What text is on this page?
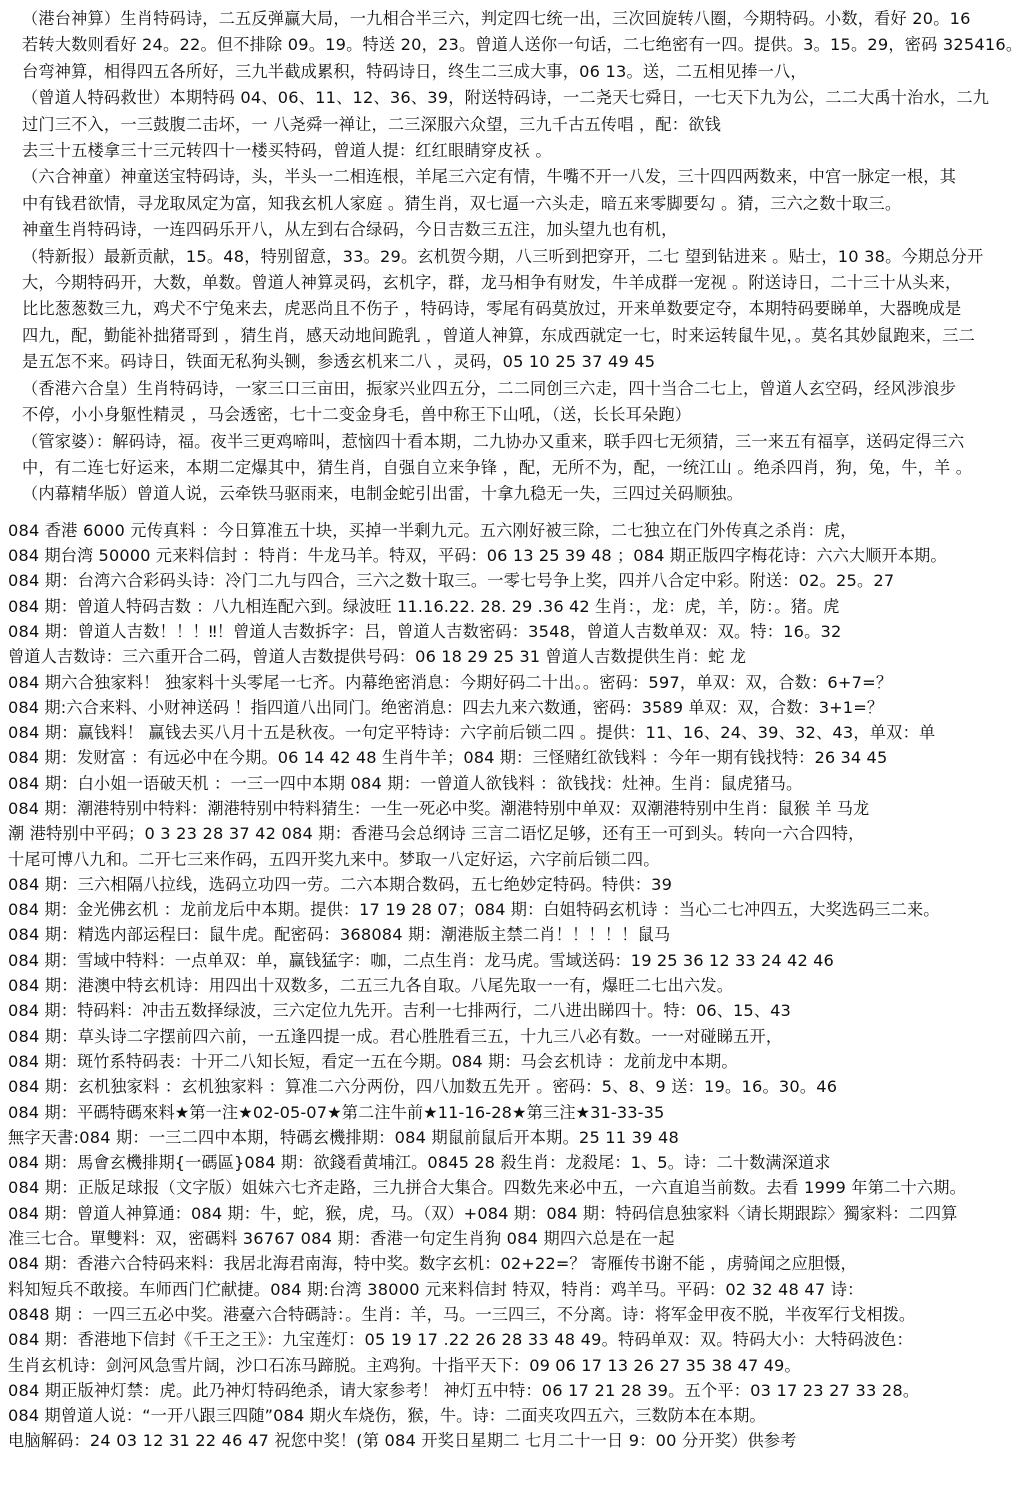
（港台神算）生肖特码诗，二五反弹赢大局，一九相合半三六，判定四七统一出，三次回旋转八圈，今期特码。小数，看好 20。16
若转大数则看好 24。22。但不排除 09。19。特送 20，23。曾道人送你一句话，二七绝密有一四。提供。3。15。29，密码 325416。
台弯神算，相得四五各所好，三九半截成累积，特码诗日，终生二三成大事，06 13。送，二五相见捧一八，
（曾道人特码救世）本期特码 04、06、11、12、36、39，附送特码诗，一二尧天七舜日，一七天下九为公，二二大禹十治水，二九
过门三不入，一三鼓腹二击坏，一 八尧舜一禅让，二三深服六众望，三九千古五传唱 ，配：欲钱
去三十五楼拿三十三元转四十一楼买特码，曾道人提：红红眼睛穿皮袄 。
（六合神童）神童送宝特码诗，头，半头一二相连根，羊尾三六定有情，牛嘴不开一八发，三十四四两数来，中宫一脉定一根，其
中有钱君欲情，寻龙取凤定为富，知我玄机人家庭 。猜生肖，双七逼一六头走，暗五来零脚要勾 。猜，三六之数十取三。
神童生肖特码诗，一连四码乐开八，从左到右合绿码，今日吉数三五注，加头望九也有机，
（特新报）最新贡献，15。48，特别留意，33。29。玄机贺今期，八三听到把穿开，二七 望到钻进来 。贴士，10 38。今期总分开
大，今期特码开，大数，单数。曾道人神算灵码，玄机字，群，龙马相争有财发，牛羊成群一宠视 。附送诗日，二十三十从头来，
比比葱葱数三九，鸡犬不宁兔来去，虎恶尚且不伤子 ，特码诗，零尾有码莫放过，开来单数要定夺，本期特码要睇单，大器晚成是
四九，配，勤能补拙猪哥到 ，猜生肖，感天动地间跪乳 ，曾道人神算，东成西就定一七，时来运转鼠牛见，。莫名其妙鼠跑来，三二
是五怎不来。码诗日，铁面无私狗头铡，参透玄机来二八 ，灵码，05 10 25 37 49 45
（香港六合皇）生肖特码诗，一家三口三亩田，振家兴业四五分，二二同创三六走，四十当合二七上，曾道人玄空码，经风涉浪步
不停，小小身躯性精灵 ，马会透密，七十二变金身毛，兽中称王下山吼，（送，长长耳朵跑）
（管家婆）：解码诗，福。夜半三更鸡啼叫，惹恼四十看本期，二九协办又重来，联手四七无须猜，三一来五有福享，送码定得三六
中，有二连七好运来，本期二定爆其中，猜生肖，自强自立来争锋 ，配，无所不为，配，一统江山 。绝杀四肖，狗，兔，牛，羊 。
（内幕精华版）曾道人说，云牵铁马驱雨来，电制金蛇引出雷，十拿九稳无一失，三四过关码顺独。
084 香港 6000 元传真料 ：今日算准五十块，买掉一半剩九元。五六刚好被三除，二七独立在门外传真之杀肖：虎，
084 期台湾 50000 元来料信封 ：特肖：牛龙马羊。特双，平码：06 13 25 39 48 ；084 期正版四字梅花诗：六六大顺开本期。
084 期：台湾六合彩码头诗：冷门二九与四合，三六之数十取三。一零七号争上奖，四并八合定中彩。附送：02。25。27
084 期：曾道人特码吉数 ：八九相连配六到。绿波旺 11.16.22. 28. 29 .36 42 生肖：，龙：虎，羊，防：。猪。虎
084 期：曾道人吉数！！！‼！曾道人吉数拆字：吕，曾道人吉数密码：3548，曾道人吉数单双：双。特：16。32
曾道人吉数诗：三六重开合二码，曾道人吉数提供号码：06 18 29 25 31 曾道人吉数提供生肖：蛇 龙
084 期六合独家料！ 独家料十头零尾一七齐。内幕绝密消息：今期好码二十出。。密码：597，单双：双，合数：6+7=？
084 期:六合来料、小财神送码 ！指四道八出同门。绝密消息：四去九来六数通，密码：3589 单双：双，合数：3+1=？
084 期：赢钱料！ 赢钱去买八月十五是秋夜。一句定平特诗：六字前后锁二四 。提供：11、16、24、39、32、43，单双：单
084 期：发财富 ：有远必中在今期。06 14 42 48 生肖牛羊；084 期：三怪赌红欲钱料 ：今年一期有钱找特：26 34 45
084 期：白小姐一语破天机 ：一三一四中本期 084 期：一曾道人欲钱料 ：欲钱找：灶神。生肖：鼠虎猪马。
084 期：潮港特别中特料：潮港特别中特料猜生：一生一死必中奖。潮港特别中单双：双潮港特别中生肖：鼠猴 羊 马龙
潮 港特别中平码；0 3 23 28 37 42 084 期：香港马会总纲诗 三言二语忆足够，还有王一可到头。转向一六合四特，
十尾可博八九和。二开七三来作码，五四开奖九来中。梦取一八定好运，六字前后锁二四。
084 期：三六相隔八拉线，选码立功四一劳。二六本期合数码，五七绝妙定特码。特供：39
084 期：金光佛玄机 ：龙前龙后中本期。提供：17 19 28 07；084 期：白姐特码玄机诗 ：当心二七冲四五，大奖选码三二来。
084 期：精选内部运程曰：鼠牛虎。配密码：368084 期：潮港版主禁二肖！！！！！鼠马
084 期：雪域中特料：一点单双：单，赢钱猛字：咖，二点生肖：龙马虎。雪域送码：19 25 36 12 33 24 42 46
084 期：港澳中特玄机诗：用四出十双数多，二五三九各自取。八尾先取一一有，爆旺二七出六发。
084 期：特码料：冲击五数择绿波，三六定位九先开。吉利一七排两行，二八进出睇四十。特：06、15、43
084 期：草头诗二字摆前四六前，一五逢四提一成。君心胜胜看三五，十九三八必有数。一一对碰睇五开，
084 期：斑竹系特码表：十开二八知长短，看定一五在今期。084 期：马会玄机诗 ：龙前龙中本期。
084 期：玄机独家料 ：玄机独家料 ：算准二六分两份，四八加数五先开 。密码：5、8、9 送：19。16。30。46
084 期：平碼特碼來料★第一注★02-05-07★第二注牛前★11-16-28★第三注★31-33-35
無字天書:084 期：一三二四中本期，特碼玄機排期：084 期鼠前鼠后开本期。25 11 39 48
084 期：馬會玄機排期{一碼區}084 期：欲錢看黄埔江。0845 28 殺生肖：龙殺尾：1、5。诗：二十数满深道求
084 期：正版足球报（文字版）姐妹六七齐走路，三九拼合大集合。四数先来必中五，一六直追当前数。去看 1999 年第二十六期。
084 期：曾道人神算通：084 期：牛，蛇，猴，虎，马。（双）+084 期：084 期：特码信息独家料〈请长期跟踪〉獨家料：二四算
准三七合。單雙料：双，密碼料 36767 084 期：香港一句定生肖狗 084 期四六总是在一起
084 期：香港六合特码来料：我居北海君南海，特中奖。数字玄机：02+22=？ 寄雁传书谢不能 ，虏骑闻之应胆慑，
料知短兵不敢接。车师西门伫献捷。084 期:台湾 38000 元来料信封 特双，特肖：鸡羊马。平码：02 32 48 47 诗：
0848 期 ：一四三五必中奖。港臺六合特碼詩：。生肖：羊，马。一三四三，不分离。诗：将军金甲夜不脱，半夜军行戈相拨。
084 期：香港地下信封《千王之王》：九宝莲灯：05 19 17 .22 26 28 33 48 49。特码单双：双。特码大小：大特码波色：
生肖玄机诗：剑河风急雪片阔，沙口石冻马蹄脱。主鸡狗。十指平天下：09 06 17 13 26 27 35 38 47 49。
084 期正版神灯禁：虎。此乃神灯特码绝杀，请大家参考！ 神灯五中特：06 17 21 28 39。五个平：03 17 23 27 33 28。
084 期曾道人说：“一开八跟三四随”084 期火车烧伤，猴，牛。诗：二面夹攻四五六，三数防本在本期。
电脑解码：24 03 12 31 22 46 47 祝您中奖！(第 084 开奖日星期二 七月二十一日 9：00 分开奖）供参考
